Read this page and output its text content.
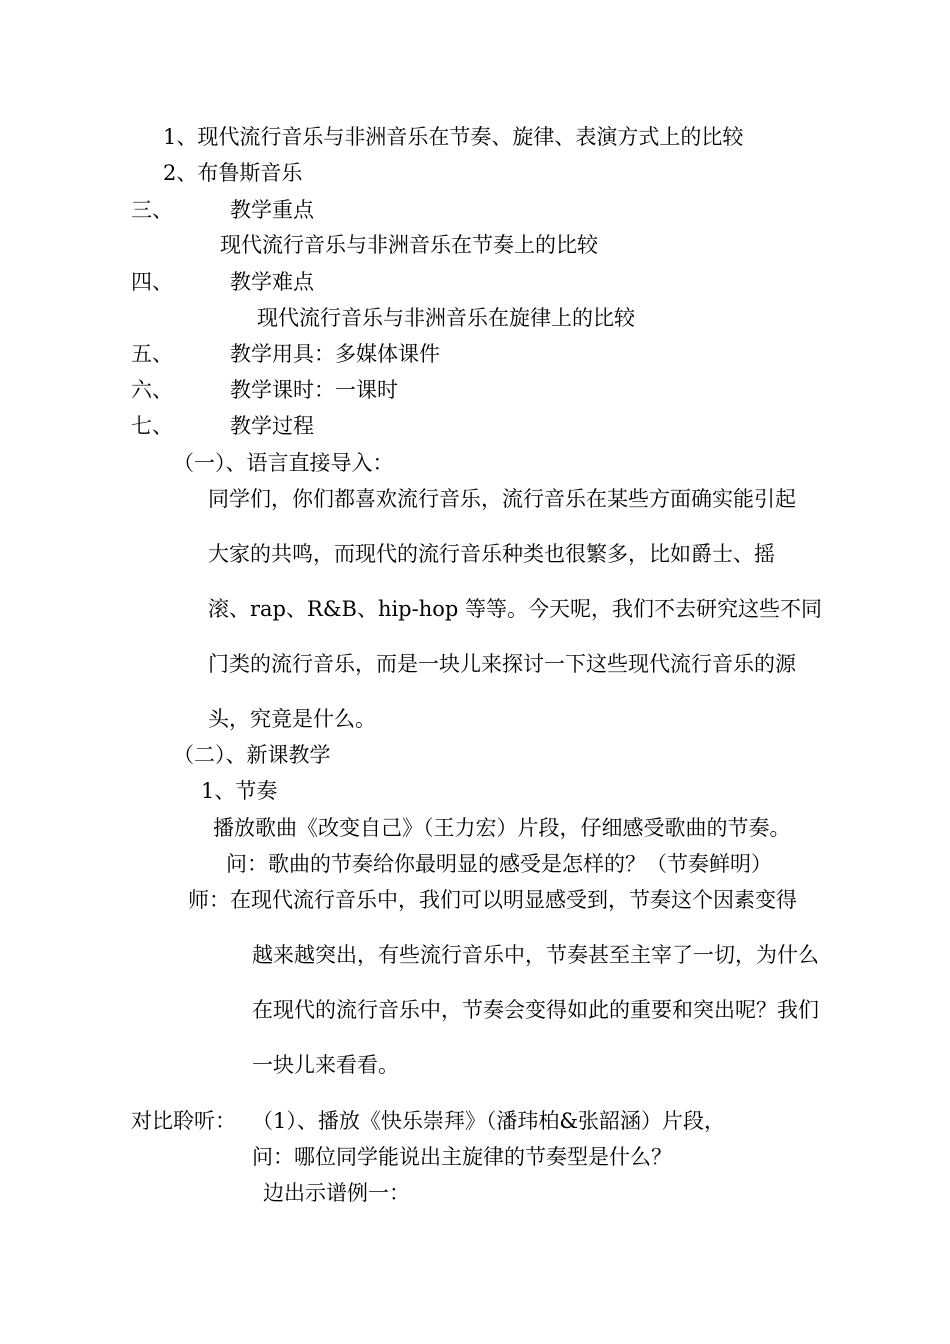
1、现代流行音乐与非洲音乐在节奏、旋律、表演方式上的比较
2、布鲁斯音乐
三、	教学重点
现代流行音乐与非洲音乐在节奏上的比较
四、	教学难点
现代流行音乐与非洲音乐在旋律上的比较
五、	教学用具：多媒体课件
六、	教学课时：一课时
七、	教学过程
（一）、语言直接导入：
同学们，你们都喜欢流行音乐，流行音乐在某些方面确实能引起
大家的共鸣，而现代的流行音乐种类也很繁多，比如爵士、摇
滚、rap、R&B、hip-hop 等等。今天呢，我们不去研究这些不同
门类的流行音乐，而是一块儿来探讨一下这些现代流行音乐的源
头，究竟是什么。
（二）、新课教学
1、节奏
播放歌曲《改变自己》（王力宏）片段，仔细感受歌曲的节奏。
问：歌曲的节奏给你最明显的感受是怎样的？（节奏鲜明）
师：在现代流行音乐中，我们可以明显感受到，节奏这个因素变得
越来越突出，有些流行音乐中，节奏甚至主宰了一切，为什么
在现代的流行音乐中，节奏会变得如此的重要和突出呢？我们
一块儿来看看。
对比聆听： （1）、播放《快乐崇拜》（潘玮柏&张韶涵）片段，
问：哪位同学能说出主旋律的节奏型是什么？
边出示谱例一：
